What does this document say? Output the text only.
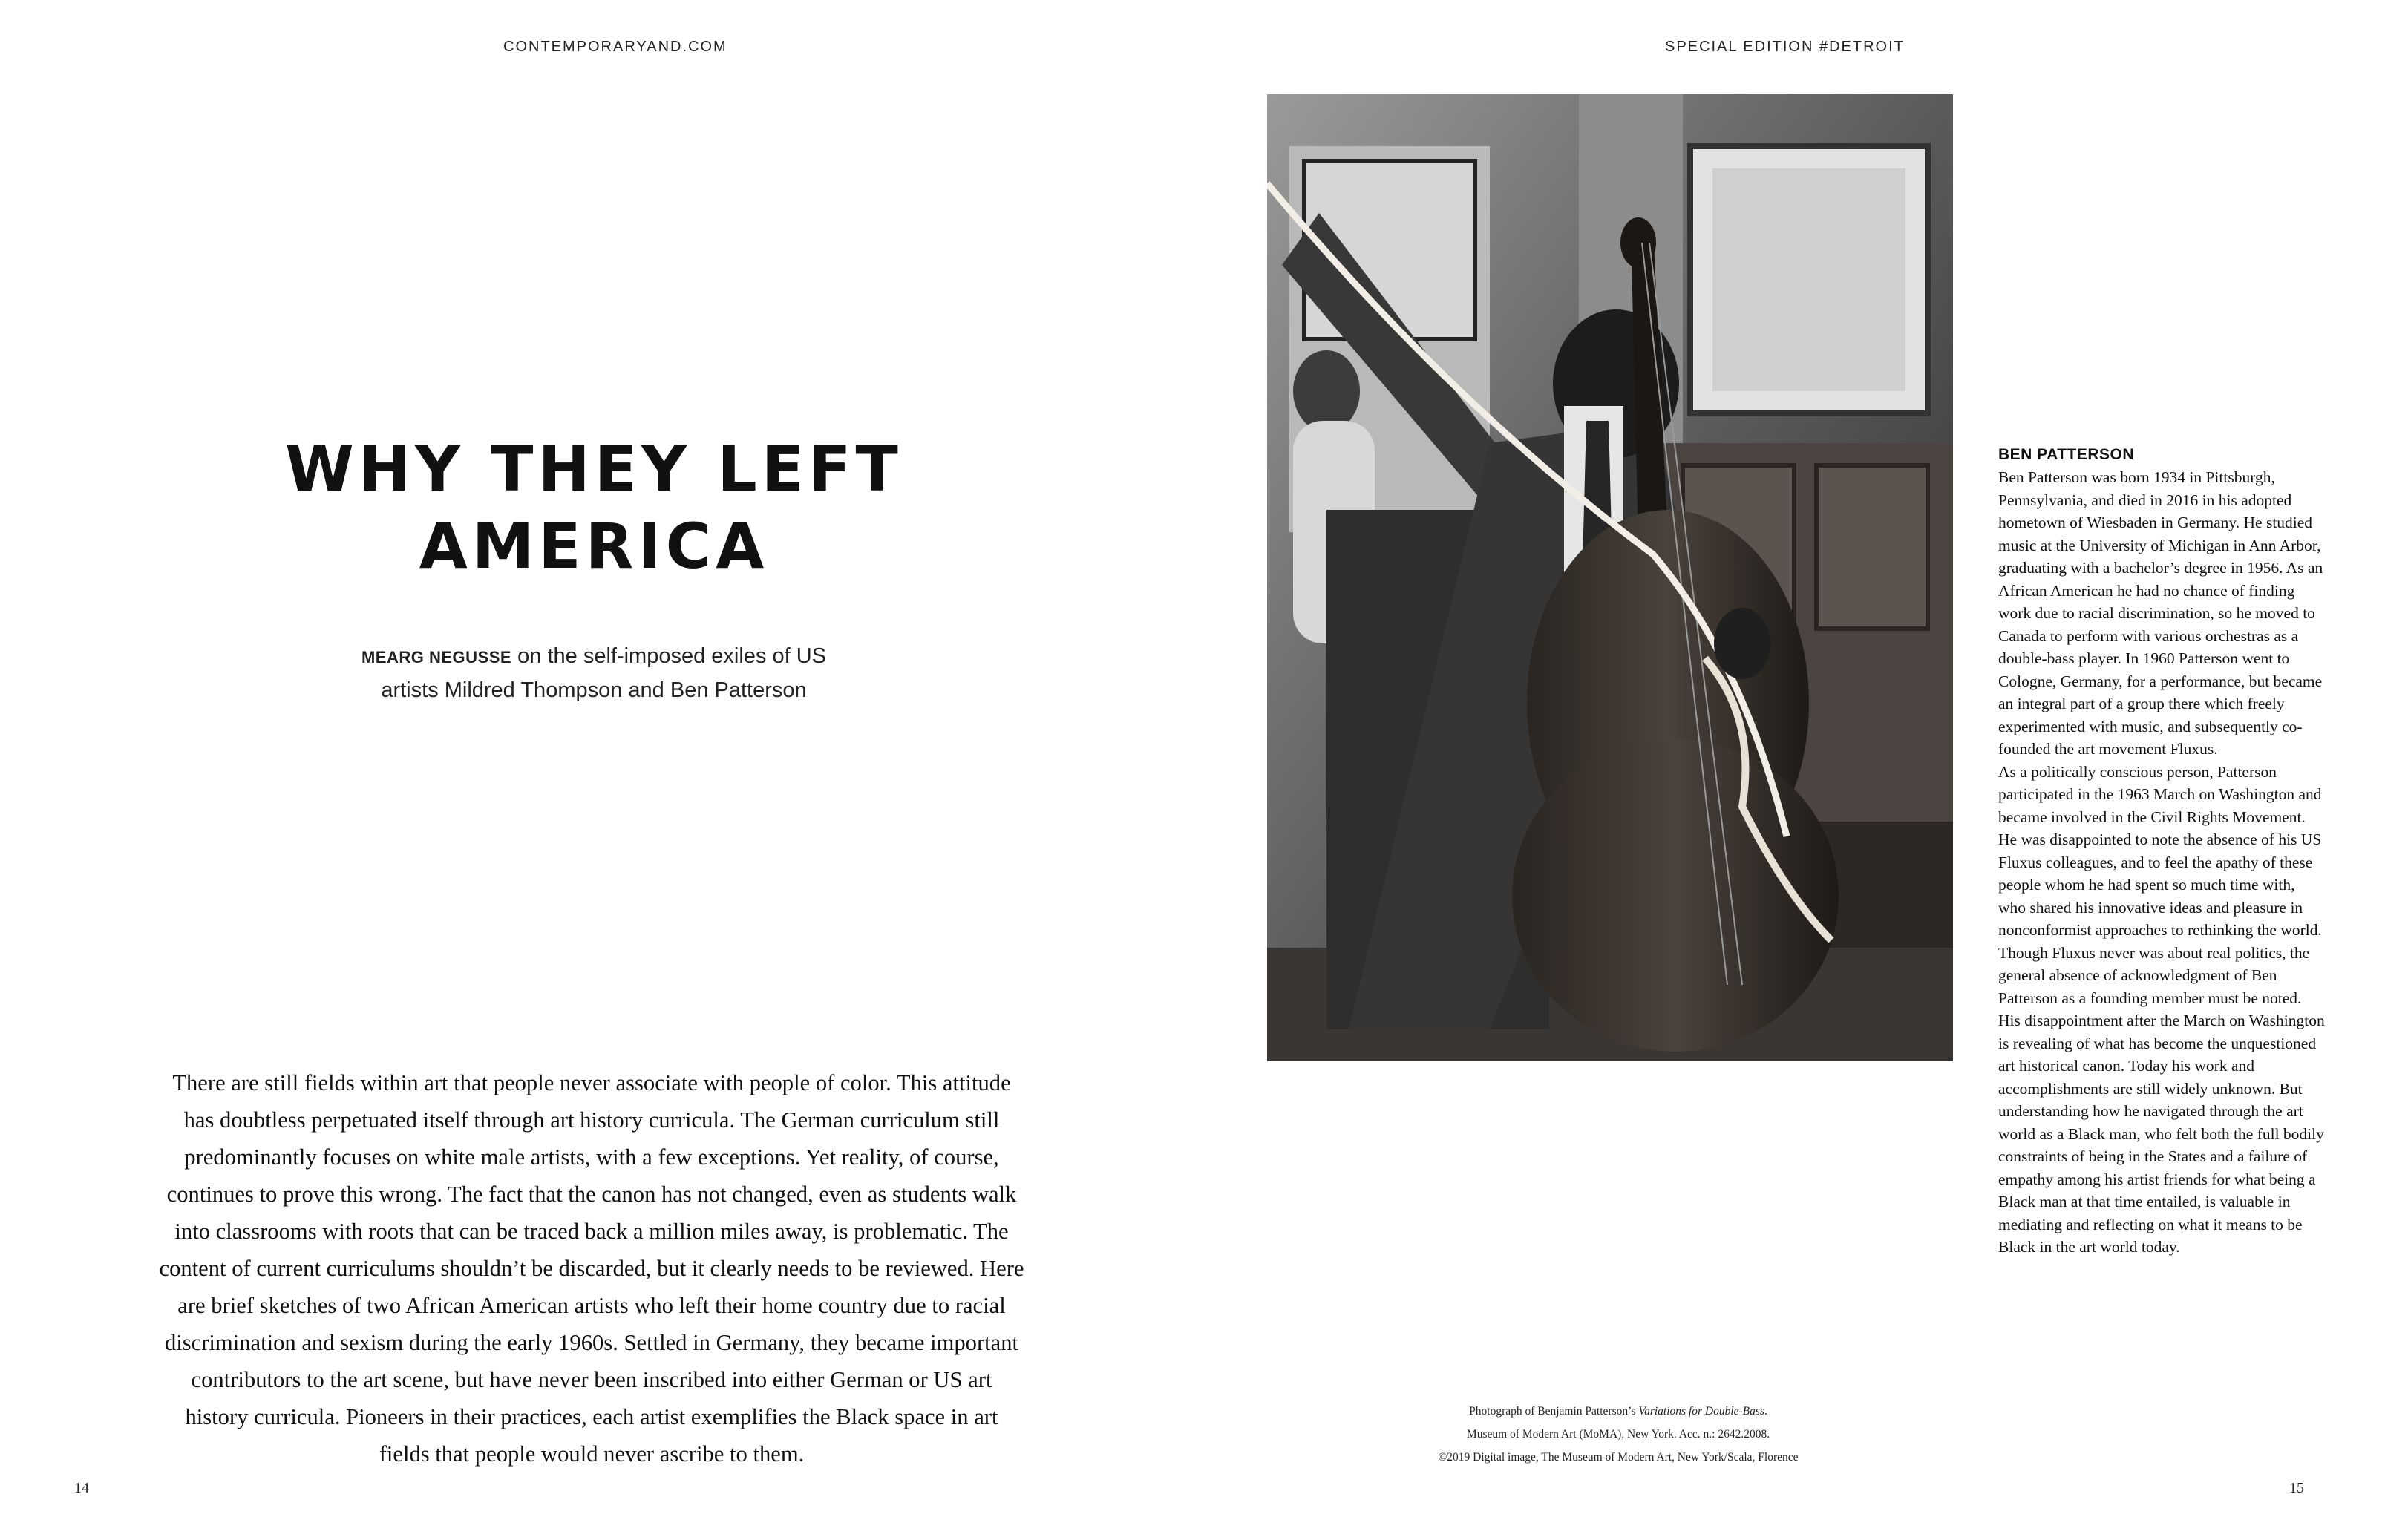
CONTEMPORARYAND.COM	SPECIAL EDITION #DETROIT
WHY THEY LEFT
AMERICA
MEARG NEGUSSE on the self-imposed exiles of US
artists Mildred Thompson and Ben Patterson

There are still fields within art that people never associate with people of color. This attitude has doubtless perpetuated itself through art history curricula. The German curriculum still predominantly focuses on white male artists, with a few exceptions. Yet reality, of course, continues to prove this wrong. The fact that the canon has not changed, even as students walk into classrooms with roots that can be traced back a million miles away, is problematic. The content of current curriculums shouldn’t be discarded, but it clearly needs to be reviewed. Here are brief sketches of two African American artists who left their home country due to racial discrimination and sexism during the early 1960s. Settled in Germany, they became important contributors to the art scene, but have never been inscribed into either German or US art history curricula. Pioneers in their practices, each artist exemplifies the Black space in art fields that people would never ascribe to them.

Photograph of Benjamin Patterson’s Variations for Double-Bass.
Museum of Modern Art (MoMA), New York. Acc. n.: 2642.2008.
©2019 Digital image, The Museum of Modern Art, New York/Scala, Florence
BEN PATTERSON

Ben Patterson was born 1934 in Pittsburgh, Pennsylvania, and died in 2016 in his adopted hometown of Wiesbaden in Germany. He studied music at the University of Michigan in Ann Arbor, graduating with a bachelor’s degree in 1956. As an African American he had no chance of finding work due to racial discrimination, so he moved to Canada to perform with various orchestras as a double-bass player. In 1960 Patterson went to Cologne, Germany, for a performance, but became an integral part of a group there which freely experimented with music, and subsequently co-founded the art movement Fluxus.

As a politically conscious person, Patterson participated in the 1963 March on Washington and became involved in the Civil Rights Movement. He was disappointed to note the absence of his US Fluxus colleagues, and to feel the apathy of these people whom he had spent so much time with, who shared his innovative ideas and pleasure in nonconformist approaches to rethinking the world.

Though Fluxus never was about real politics, the general absence of acknowledgment of Ben Patterson as a founding member must be noted. His disappointment after the March on Washington is revealing of what has become the unquestioned art historical canon. Today his work and accomplishments are still widely unknown. But understanding how he navigated through the art world as a Black man, who felt both the full bodily constraints of being in the States and a failure of empathy among his artist friends for what being a Black man at that time entailed, is valuable in mediating and reflecting on what it means to be Black in the art world today.

14	15
